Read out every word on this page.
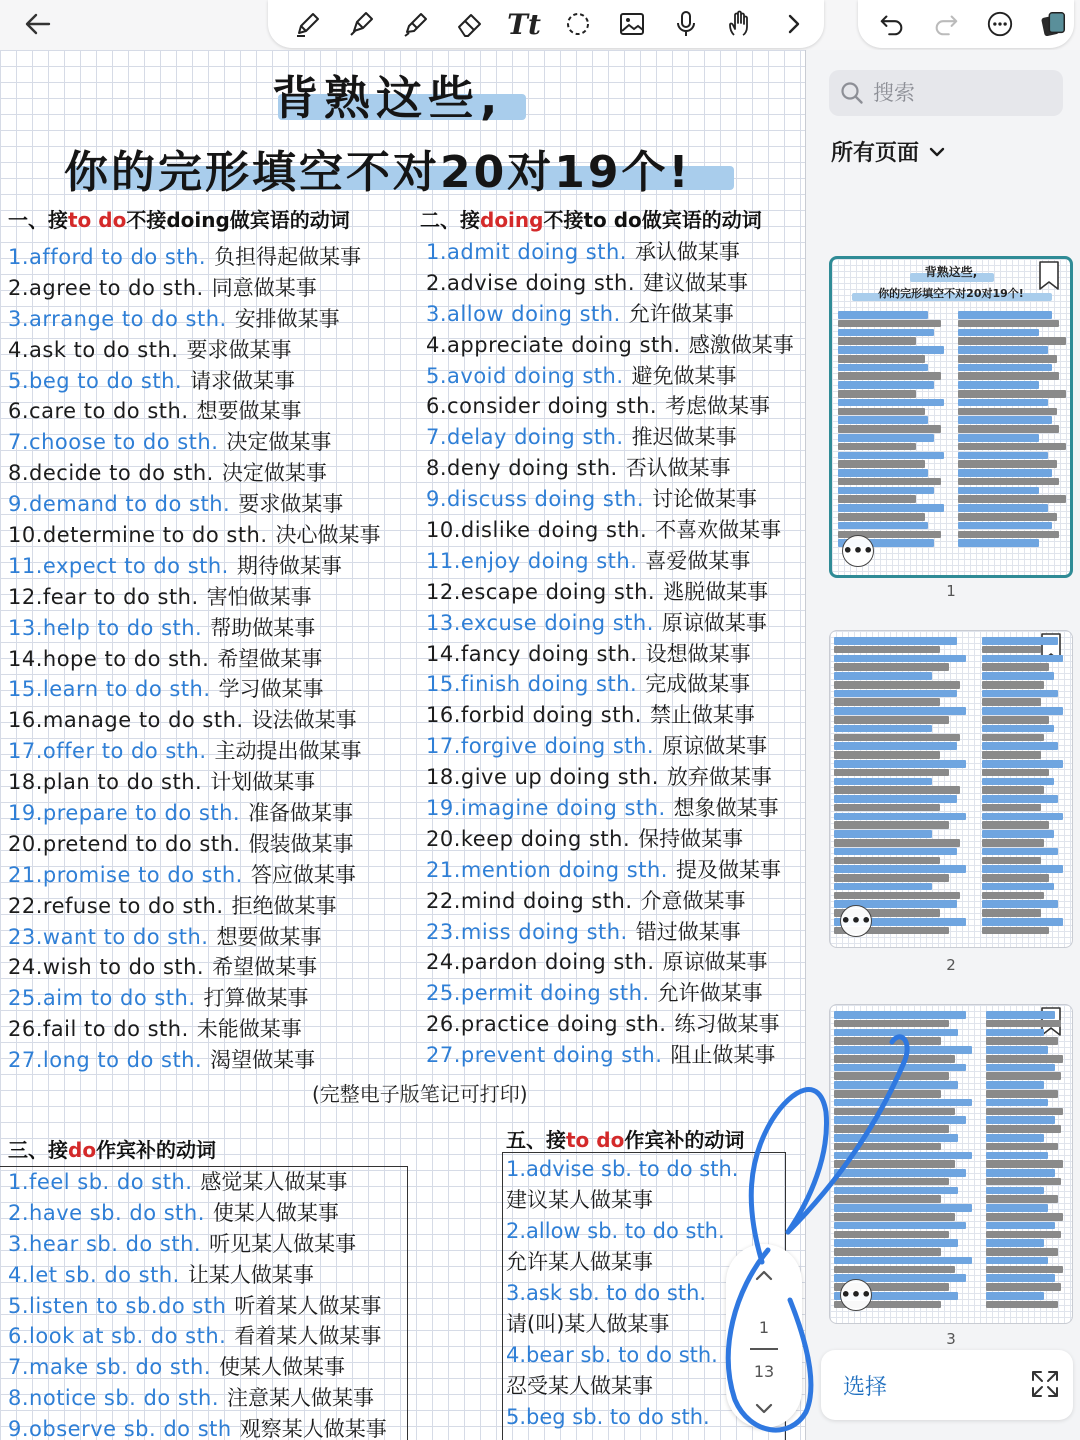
Tt
背熟这些,
你的完形填空不对20对19个!
一、接to do不接doing做宾语的动词
1.afford to do sth. 负担得起做某事
2.agree to do sth. 同意做某事
3.arrange to do sth. 安排做某事
4.ask to do sth. 要求做某事
5.beg to do sth. 请求做某事
6.care to do sth. 想要做某事
7.choose to do sth. 决定做某事
8.decide to do sth. 决定做某事
9.demand to do sth. 要求做某事
10.determine to do sth. 决心做某事
11.expect to do sth. 期待做某事
12.fear to do sth. 害怕做某事
13.help to do sth. 帮助做某事
14.hope to do sth. 希望做某事
15.learn to do sth. 学习做某事
16.manage to do sth. 设法做某事
17.offer to do sth. 主动提出做某事
18.plan to do sth. 计划做某事
19.prepare to do sth. 准备做某事
20.pretend to do sth. 假装做某事
21.promise to do sth. 答应做某事
22.refuse to do sth. 拒绝做某事
23.want to do sth. 想要做某事
24.wish to do sth. 希望做某事
25.aim to do sth. 打算做某事
26.fail to do sth. 未能做某事
27.long to do sth. 渴望做某事
二、接doing不接to do做宾语的动词
1.admit doing sth. 承认做某事
2.advise doing sth. 建议做某事
3.allow doing sth. 允许做某事
4.appreciate doing sth. 感激做某事
5.avoid doing sth. 避免做某事
6.consider doing sth. 考虑做某事
7.delay doing sth. 推迟做某事
8.deny doing sth. 否认做某事
9.discuss doing sth. 讨论做某事
10.dislike doing sth. 不喜欢做某事
11.enjoy doing sth. 喜爱做某事
12.escape doing sth. 逃脱做某事
13.excuse doing sth. 原谅做某事
14.fancy doing sth. 设想做某事
15.finish doing sth. 完成做某事
16.forbid doing sth. 禁止做某事
17.forgive doing sth. 原谅做某事
18.give up doing sth. 放弃做某事
19.imagine doing sth. 想象做某事
20.keep doing sth. 保持做某事
21.mention doing sth. 提及做某事
22.mind doing sth. 介意做某事
23.miss doing sth. 错过做某事
24.pardon doing sth. 原谅做某事
25.permit doing sth. 允许做某事
26.practice doing sth. 练习做某事
27.prevent doing sth. 阻止做某事
(完整电子版笔记可打印)
三、接do作宾补的动词
1.feel sb. do sth. 感觉某人做某事
2.have sb. do sth. 使某人做某事
3.hear sb. do sth. 听见某人做某事
4.let sb. do sth. 让某人做某事
5.listen to sb.do sth 听着某人做某事
6.look at sb. do sth. 看着某人做某事
7.make sb. do sth. 使某人做某事
8.notice sb. do sth. 注意某人做某事
9.observe sb. do sth 观察某人做某事
五、接to do作宾补的动词
1.advise sb. to do sth.
建议某人做某事
2.allow sb. to do sth.
允许某人做某事
3.ask sb. to do sth.
请(叫)某人做某事
4.bear sb. to do sth.
忍受某人做某事
5.beg sb. to do sth.
搜索
所有页面
背熟这些,
你的完形填空不对20对19个!
•••
1
•••
2
•••
3
选择
1
13
